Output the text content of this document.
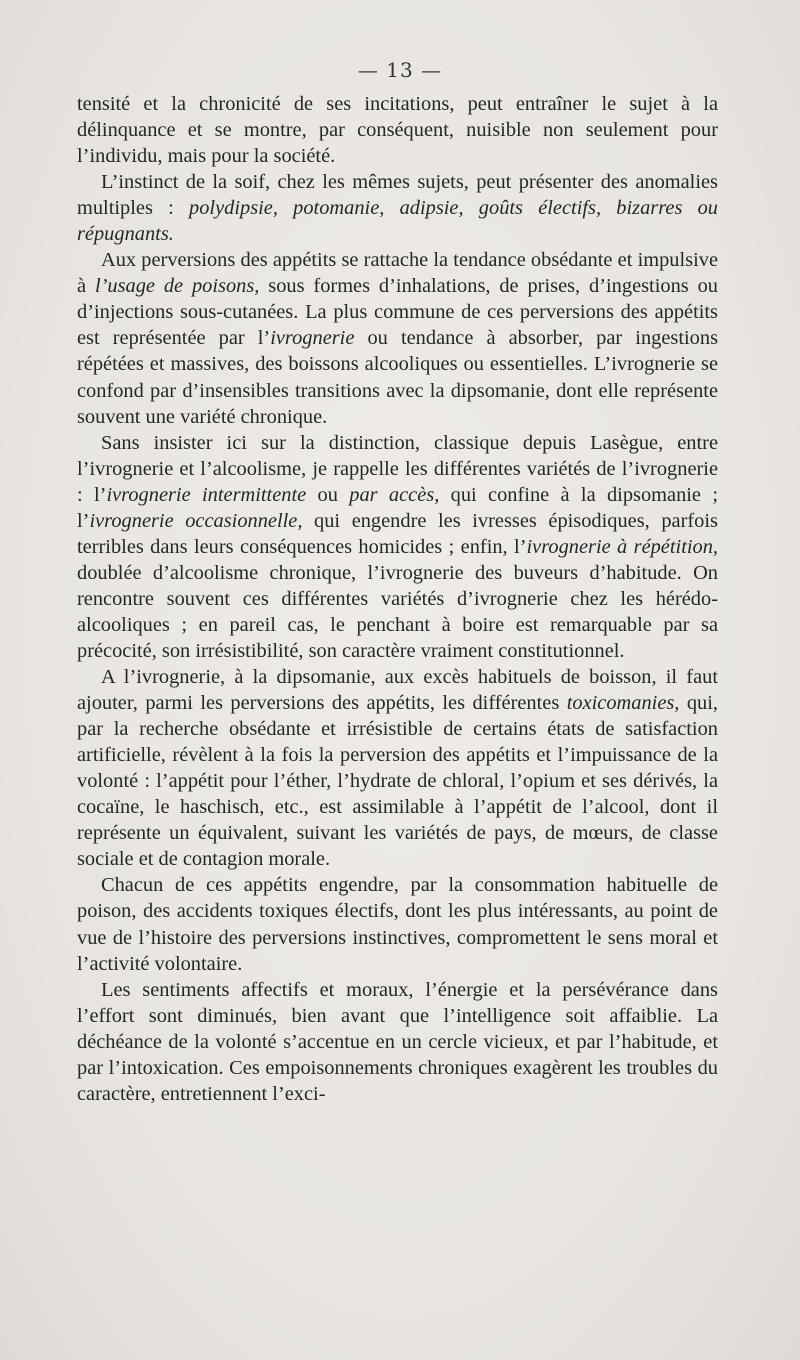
— 13 —

tensité et la chronicité de ses incitations, peut entraîner le sujet à la délinquance et se montre, par conséquent, nuisible non seulement pour l’individu, mais pour la société.

L’instinct de la soif, chez les mêmes sujets, peut présenter des anomalies multiples : polydipsie, potomanie, adipsie, goûts électifs, bizarres ou répugnants.

Aux perversions des appétits se rattache la tendance obsédante et impulsive à l’usage de poisons, sous formes d’inhalations, de prises, d’ingestions ou d’injections sous-cutanées. La plus commune de ces perversions des appétits est représentée par l’ivrognerie ou tendance à absorber, par ingestions répétées et massives, des boissons alcooliques ou essentielles. L’ivrognerie se confond par d’insensibles transitions avec la dipsomanie, dont elle représente souvent une variété chronique.

Sans insister ici sur la distinction, classique depuis Lasègue, entre l’ivrognerie et l’alcoolisme, je rappelle les différentes variétés de l’ivrognerie : l’ivrognerie intermittente ou par accès, qui confine à la dipsomanie ; l’ivrognerie occasionnelle, qui engendre les ivresses épisodiques, parfois terribles dans leurs conséquences homicides ; enfin, l’ivrognerie à répétition, doublée d’alcoolisme chronique, l’ivrognerie des buveurs d’habitude. On rencontre souvent ces différentes variétés d’ivrognerie chez les hérédo-alcooliques ; en pareil cas, le penchant à boire est remarquable par sa précocité, son irrésistibilité, son caractère vraiment constitutionnel.

A l’ivrognerie, à la dipsomanie, aux excès habituels de boisson, il faut ajouter, parmi les perversions des appétits, les différentes toxicomanies, qui, par la recherche obsédante et irrésistible de certains états de satisfaction artificielle, révèlent à la fois la perversion des appétits et l’impuissance de la volonté : l’appétit pour l’éther, l’hydrate de chloral, l’opium et ses dérivés, la cocaïne, le haschisch, etc., est assimilable à l’appétit de l’alcool, dont il représente un équivalent, suivant les variétés de pays, de mœurs, de classe sociale et de contagion morale.

Chacun de ces appétits engendre, par la consommation habituelle de poison, des accidents toxiques électifs, dont les plus intéressants, au point de vue de l’histoire des perversions instinctives, compromettent le sens moral et l’activité volontaire.

Les sentiments affectifs et moraux, l’énergie et la persévérance dans l’effort sont diminués, bien avant que l’intelligence soit affaiblie. La déchéance de la volonté s’accentue en un cercle vicieux, et par l’habitude, et par l’intoxication. Ces empoisonnements chroniques exagèrent les troubles du caractère, entretiennent l’exci-
